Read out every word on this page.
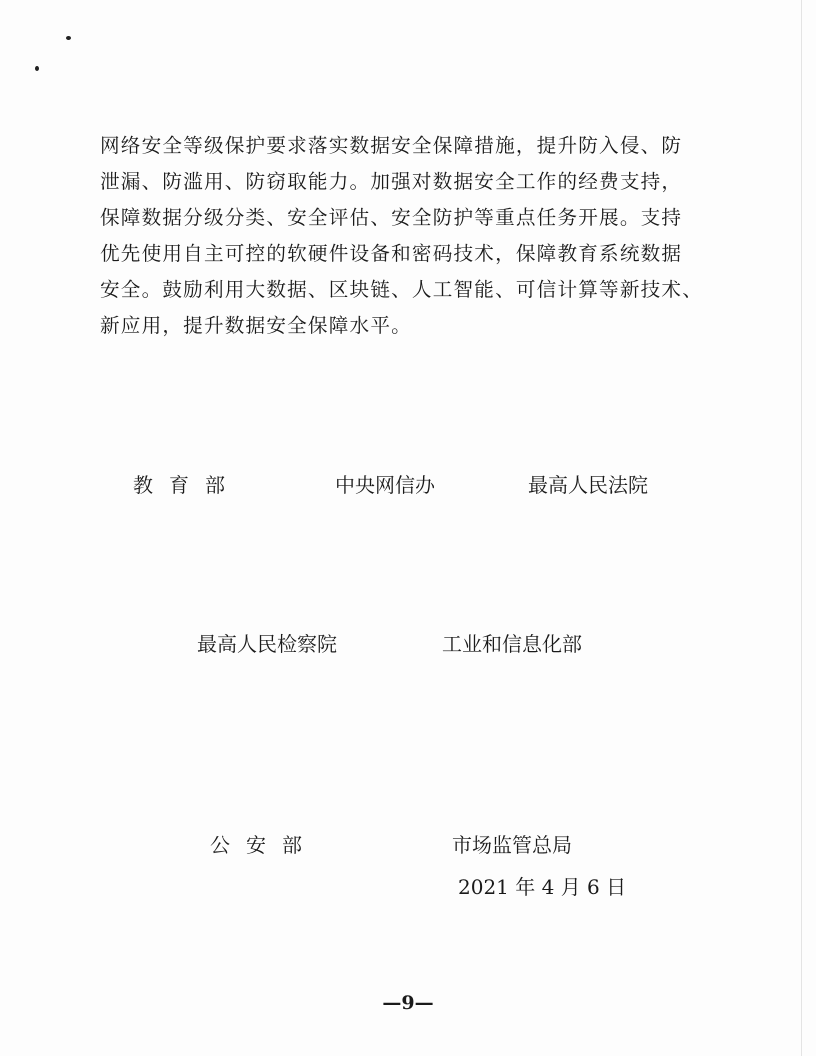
网络安全等级保护要求落实数据安全保障措施，提升防入侵、防
泄漏、防滥用、防窃取能力。加强对数据安全工作的经费支持，
保障数据分级分类、安全评估、安全防护等重点任务开展。支持
优先使用自主可控的软硬件设备和密码技术，保障教育系统数据
安全。鼓励利用大数据、区块链、人工智能、可信计算等新技术、
新应用，提升数据安全保障水平。
教育部	中央网信办	最高人民法院
最高人民检察院	工业和信息化部
公安部	市场监管总局
2021 年 4 月 6 日
—9—
